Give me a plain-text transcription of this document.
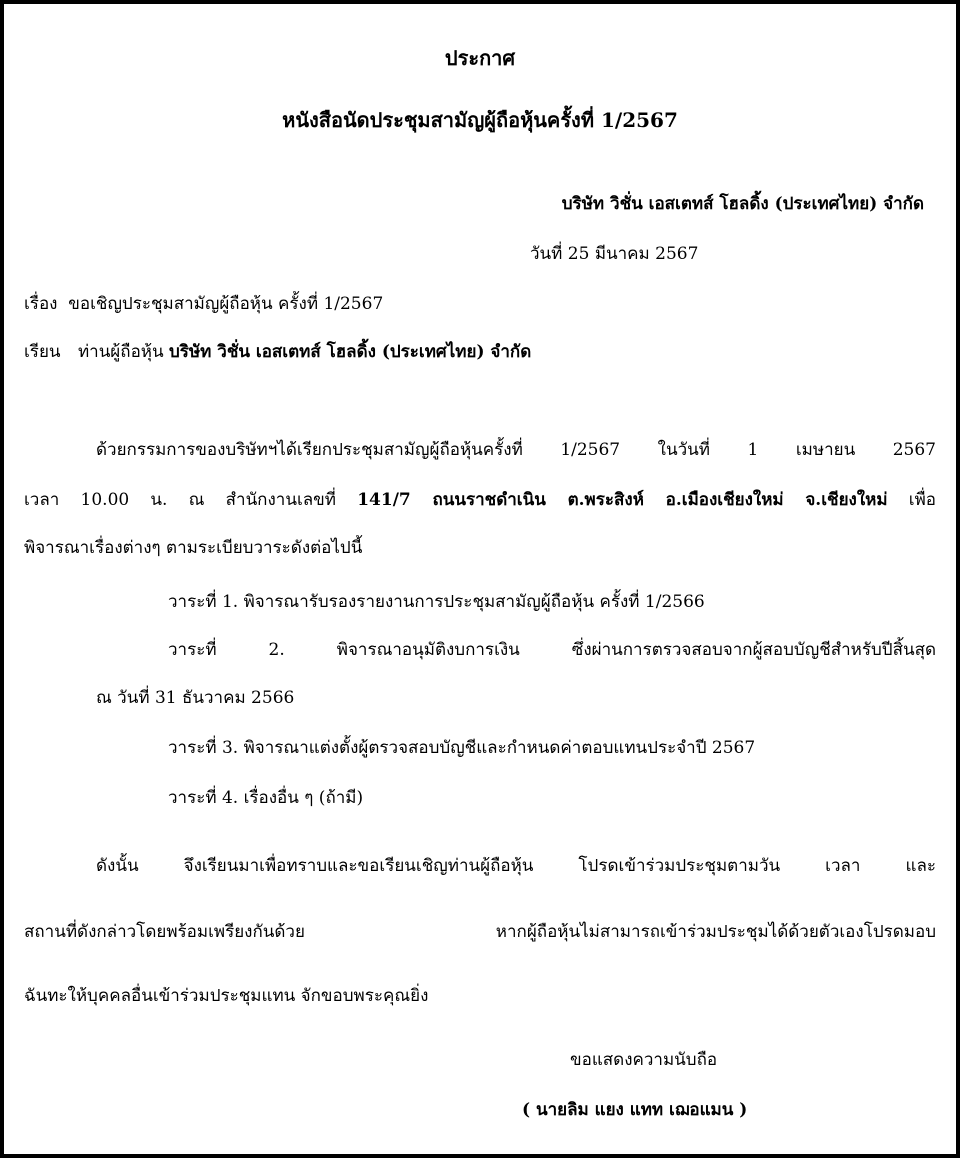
ประกาศ
หนังสือนัดประชุมสามัญผู้ถือหุ้นครั้งที่ 1/2567
บริษัท วิชั่น เอสเตทส์ โฮลดิ้ง (ประเทศไทย) จำกัด
วันที่ 25 มีนาคม 2567
เรื่อง ขอเชิญประชุมสามัญผู้ถือหุ้น ครั้งที่ 1/2567
เรียน ท่านผู้ถือหุ้น บริษัท วิชั่น เอสเตทส์ โฮลดิ้ง (ประเทศไทย) จำกัด
ด้วยกรรมการของบริษัทฯได้เรียกประชุมสามัญผู้ถือหุ้นครั้งที่ 1/2567 ในวันที่ 1 เมษายน 2567
เวลา 10.00 น. ณ สำนักงานเลขที่ 141/7 ถนนราชดำเนิน ต.พระสิงห์ อ.เมืองเชียงใหม่ จ.เชียงใหม่ เพื่อ
พิจารณาเรื่องต่างๆ ตามระเบียบวาระดังต่อไปนี้
วาระที่ 1. พิจารณารับรองรายงานการประชุมสามัญผู้ถือหุ้น ครั้งที่ 1/2566
วาระที่ 2. พิจารณาอนุมัติงบการเงิน ซึ่งผ่านการตรวจสอบจากผู้สอบบัญชีสำหรับปีสิ้นสุด
ณ วันที่ 31 ธันวาคม 2566
วาระที่ 3. พิจารณาแต่งตั้งผู้ตรวจสอบบัญชีและกำหนดค่าตอบแทนประจำปี 2567
วาระที่ 4. เรื่องอื่น ๆ (ถ้ามี)
ดังนั้น จึงเรียนมาเพื่อทราบและขอเรียนเชิญท่านผู้ถือหุ้น โปรดเข้าร่วมประชุมตามวัน เวลา และ
สถานที่ดังกล่าวโดยพร้อมเพรียงกันด้วย หากผู้ถือหุ้นไม่สามารถเข้าร่วมประชุมได้ด้วยตัวเองโปรดมอบ
ฉันทะให้บุคคลอื่นเข้าร่วมประชุมแทน จักขอบพระคุณยิ่ง
ขอแสดงความนับถือ
( นายลิม แยง แทท เฌอแมน )
